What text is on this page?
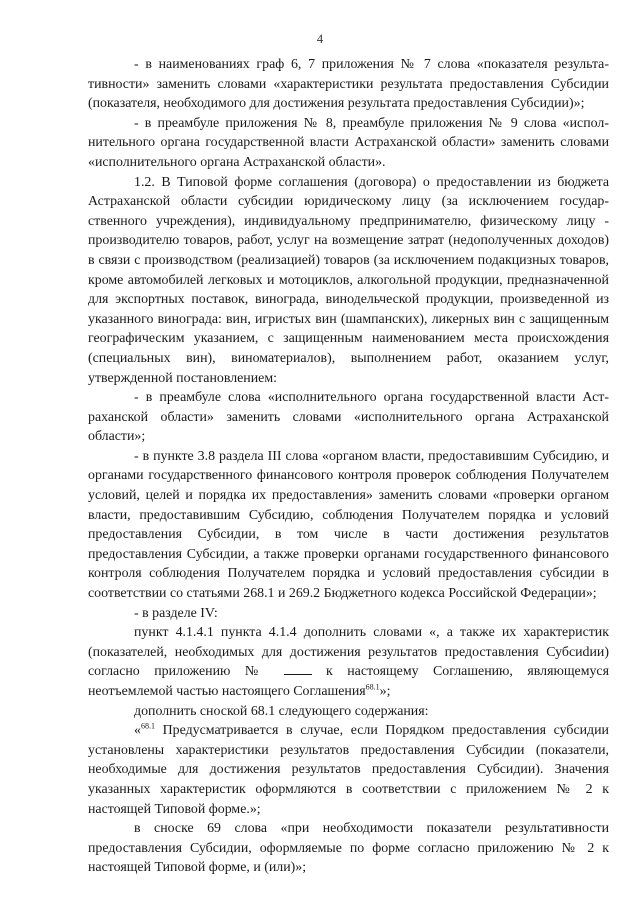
4

- в наименованиях граф 6, 7 приложения № 7 слова «показателя результативности» заменить словами «характеристики результата предоставления Субсидии (показателя, необходимого для достижения результата предоставления Субсидии)»;

- в преамбуле приложения № 8, преамбуле приложения № 9 слова «исполнительного органа государственной власти Астраханской области» заменить словами «исполнительного органа Астраханской области».

1.2. В Типовой форме соглашения (договора) о предоставлении из бюджета Астраханской области субсидии юридическому лицу (за исключением государственного учреждения), индивидуальному предпринимателю, физическому лицу - производителю товаров, работ, услуг на возмещение затрат (недополученных доходов) в связи с производством (реализацией) товаров (за исключением подакцизных товаров, кроме автомобилей легковых и мотоциклов, алкогольной продукции, предназначенной для экспортных поставок, винограда, винодельческой продукции, произведенной из указанного винограда: вин, игристых вин (шампанских), ликерных вин с защищенным географическим указанием, с защищенным наименованием места происхождения (специальных вин), виноматериалов), выполнением работ, оказанием услуг, утвержденной постановлением:

- в преамбуле слова «исполнительного органа государственной власти Астраханской области» заменить словами «исполнительного органа Астраханской области»;

- в пункте 3.8 раздела III слова «органом власти, предоставившим Субсидию, и органами государственного финансового контроля проверок соблюдения Получателем условий, целей и порядка их предоставления» заменить словами «проверки органом власти, предоставившим Субсидию, соблюдения Получателем порядка и условий предоставления Субсидии, в том числе в части достижения результатов предоставления Субсидии, а также проверки органами государственного финансового контроля соблюдения Получателем порядка и условий предоставления субсидии в соответствии со статьями 268.1 и 269.2 Бюджетного кодекса Российской Федерации»;

- в разделе IV:

пункт 4.1.4.1 пункта 4.1.4 дополнить словами «, а также их характеристик (показателей, необходимых для достижения результатов предоставления Субсиdии) согласно приложению №	к настоящему Соглашению, являющемуся неотъемлемой частью настоящего Соглашения$^{68.1}$»;

дополнить сноской 68.1 следующего содержания:

«$^{68.1}$ Предусматривается в случае, если Порядком предоставления субсидии установлены характеристики результатов предоставления Субсидии (показатели, необходимые для достижения результатов предоставления Субсидии). Значения указанных характеристик оформляются в соответствии с приложением № 2 к настоящей Типовой форме.»;

в сноске 69 слова «при необходимости показатели результативности предоставления Субсидии, оформляемые по форме согласно приложению № 2 к настоящей Типовой форме, и (или)»;
